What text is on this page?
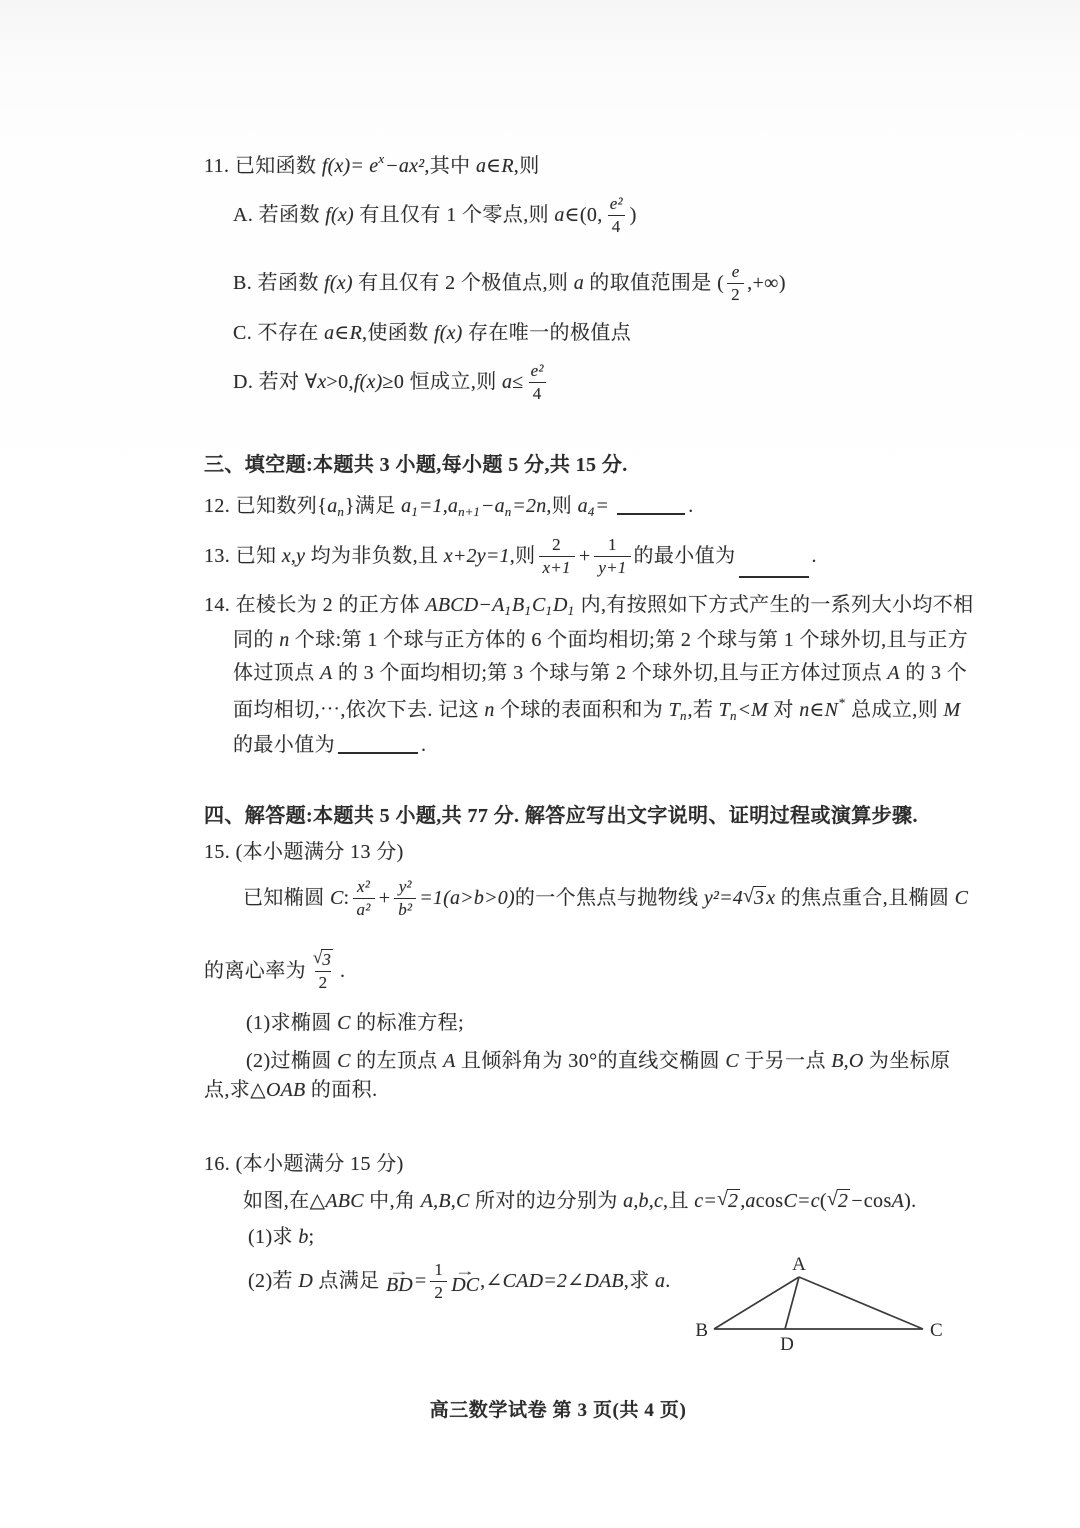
11. 已知函数 f(x)= e x −ax² ,其中 a ∈ R ,则
A. 若函数 f(x) 有且仅有 1 个零点,则 a ∈(0, $\frac{\text{e²}}{4}$ )
B. 若函数 f(x) 有且仅有 2 个极值点,则 a 的取值范围是 ( $\frac{e}{2}$ ,+∞)
C. 不存在 a ∈ R ,使函数 f(x) 存在唯一的极值点
D. 若对 ∀ x >0, f(x) ≥0 恒成立,则 $a \le \frac{\text{e²}}{4}$
三、填空题:本题共 3 小题,每小题 5 分,共 15 分.
12. 已知数列{ a n }满足 a 1 =1,a n+1 −a n =2n ,则 a 4 =	.
13. 已知 x,y 均为非负数,且 x+2y=1 ,则 $\frac{2}{x+1} + \frac{1}{y+1}$ 的最小值为	.
14. 在棱长为 2 的正方体 ABCD−A 1 B 1 C 1 D 1 内,有按照如下方式产生的一系列大小均不相
同的 n 个球:第 1 个球与正方体的 6 个面均相切;第 2 个球与第 1 个球外切,且与正方
体过顶点 A 的 3 个面均相切;第 3 个球与第 2 个球外切,且与正方体过顶点 A 的 3 个
面均相切,⋯,依次下去. 记这 n 个球的表面积和为 T n ,若 T n <M 对 n ∈ N * 总成立,则 M
的最小值为	.
四、解答题:本题共 5 小题,共 77 分. 解答应写出文字说明、证明过程或演算步骤.
15. (本小题满分 13 分)
已知椭圆 C : $\frac{\text{x²}}{\text{a²}} + \frac{\text{y²}}{\text{b²}} =1(a>b>0)$ 的一个焦点与抛物线 y²=4 √ 3 x 的焦点重合,且椭圆 C
的离心率为 $\frac{√ 3}{2}$ .
(1)求椭圆 C 的标准方程;
(2)过椭圆 C 的左顶点 A 且倾斜角为 30°的直线交椭圆 C 于另一点 B,O 为坐标原
点,求△ OAB 的面积.
16. (本小题满分 15 分)
如图,在△ ABC 中,角 A,B,C 所对的边分别为 a,b,c ,且 c= √ 2 ,a cos C=c ( √ 2 − cos A ).
(1)求 b ;
(2)若 D 点满足 →
BD = $\frac{1}{2}$ →
DC ,∠ CAD =2 ∠ DAB ,求 a .
A
B	C
D
高三数学试卷 第 3 页(共 4 页)
